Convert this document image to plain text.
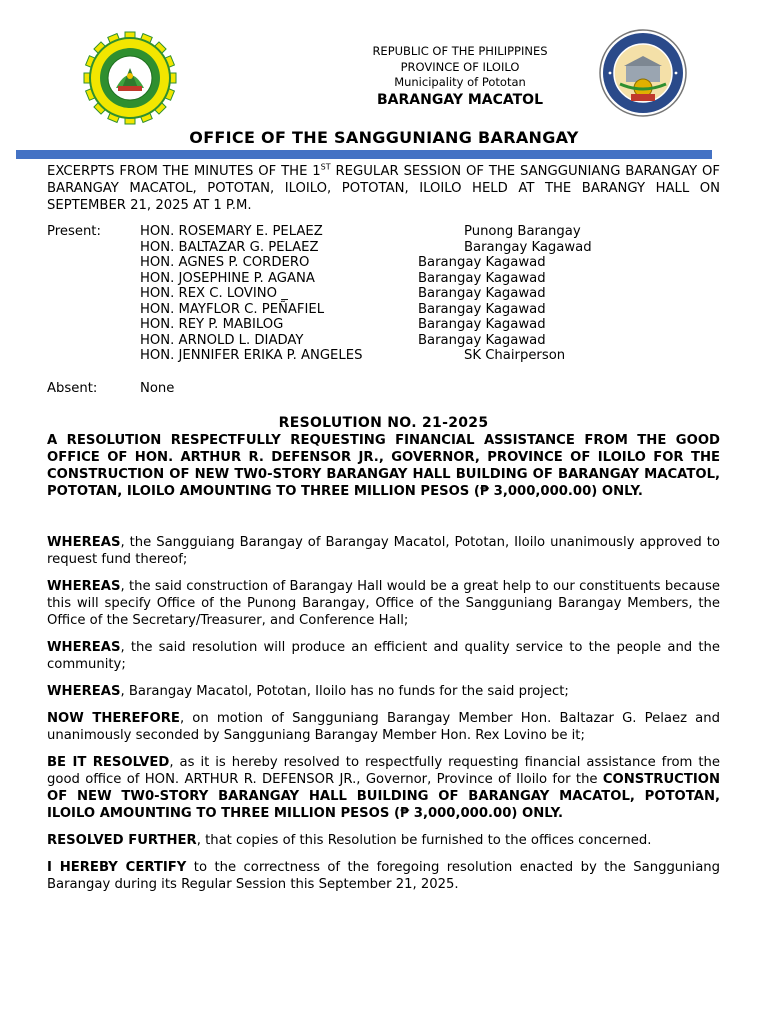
REPUBLIC OF THE PHILIPPINES
PROVINCE OF ILOILO
Municipality of Pototan
BARANGAY MACATOL
OFFICE OF THE SANGGUNIANG BARANGAY

EXCERPTS FROM THE MINUTES OF THE 1ST REGULAR SESSION OF THE SANGGUNIANG BARANGAY OF BARANGAY MACATOL, POTOTAN, ILOILO, POTOTAN, ILOILO HELD AT THE BARANGY HALL ON SEPTEMBER 21, 2025 AT 1 P.M.

Present:	HON. ROSEMARY E. PELAEZ	Punong Barangay
HON. BALTAZAR G. PELAEZ	Barangay Kagawad
HON. AGNES P. CORDERO	Barangay Kagawad
HON. JOSEPHINE P. AGANA	Barangay Kagawad
HON. REX C. LOVINO _	Barangay Kagawad
HON. MAYFLOR C. PEÑAFIEL	Barangay Kagawad
HON. REY P. MABILOG	Barangay Kagawad
HON. ARNOLD L. DIADAY	Barangay Kagawad
HON. JENNIFER ERIKA P. ANGELES	SK Chairperson
Absent:	None
RESOLUTION NO. 21-2025

A RESOLUTION RESPECTFULLY REQUESTING FINANCIAL ASSISTANCE FROM THE GOOD OFFICE OF HON. ARTHUR R. DEFENSOR JR., GOVERNOR, PROVINCE OF ILOILO FOR THE CONSTRUCTION OF NEW TW0-STORY BARANGAY HALL BUILDING OF BARANGAY MACATOL, POTOTAN, ILOILO AMOUNTING TO THREE MILLION PESOS (₱ 3,000,000.00) ONLY.

WHEREAS, the Sangguiang Barangay of Barangay Macatol, Pototan, Iloilo unanimously approved to request fund thereof;

WHEREAS, the said construction of Barangay Hall would be a great help to our constituents because this will specify Office of the Punong Barangay, Office of the Sangguniang Barangay Members, the Office of the Secretary/Treasurer, and Conference Hall;

WHEREAS, the said resolution will produce an efficient and quality service to the people and the community;

WHEREAS, Barangay Macatol, Pototan, Iloilo has no funds for the said project;

NOW THEREFORE, on motion of Sangguniang Barangay Member Hon. Baltazar G. Pelaez and unanimously seconded by Sangguniang Barangay Member Hon. Rex Lovino be it;

BE IT RESOLVED, as it is hereby resolved to respectfully requesting financial assistance from the good office of HON. ARTHUR R. DEFENSOR JR., Governor, Province of Iloilo for the CONSTRUCTION OF NEW TW0-STORY BARANGAY HALL BUILDING OF BARANGAY MACATOL, POTOTAN, ILOILO AMOUNTING TO THREE MILLION PESOS (₱ 3,000,000.00) ONLY.

RESOLVED FURTHER, that copies of this Resolution be furnished to the offices concerned.

I HEREBY CERTIFY to the correctness of the foregoing resolution enacted by the Sangguniang Barangay during its Regular Session this September 21, 2025.
